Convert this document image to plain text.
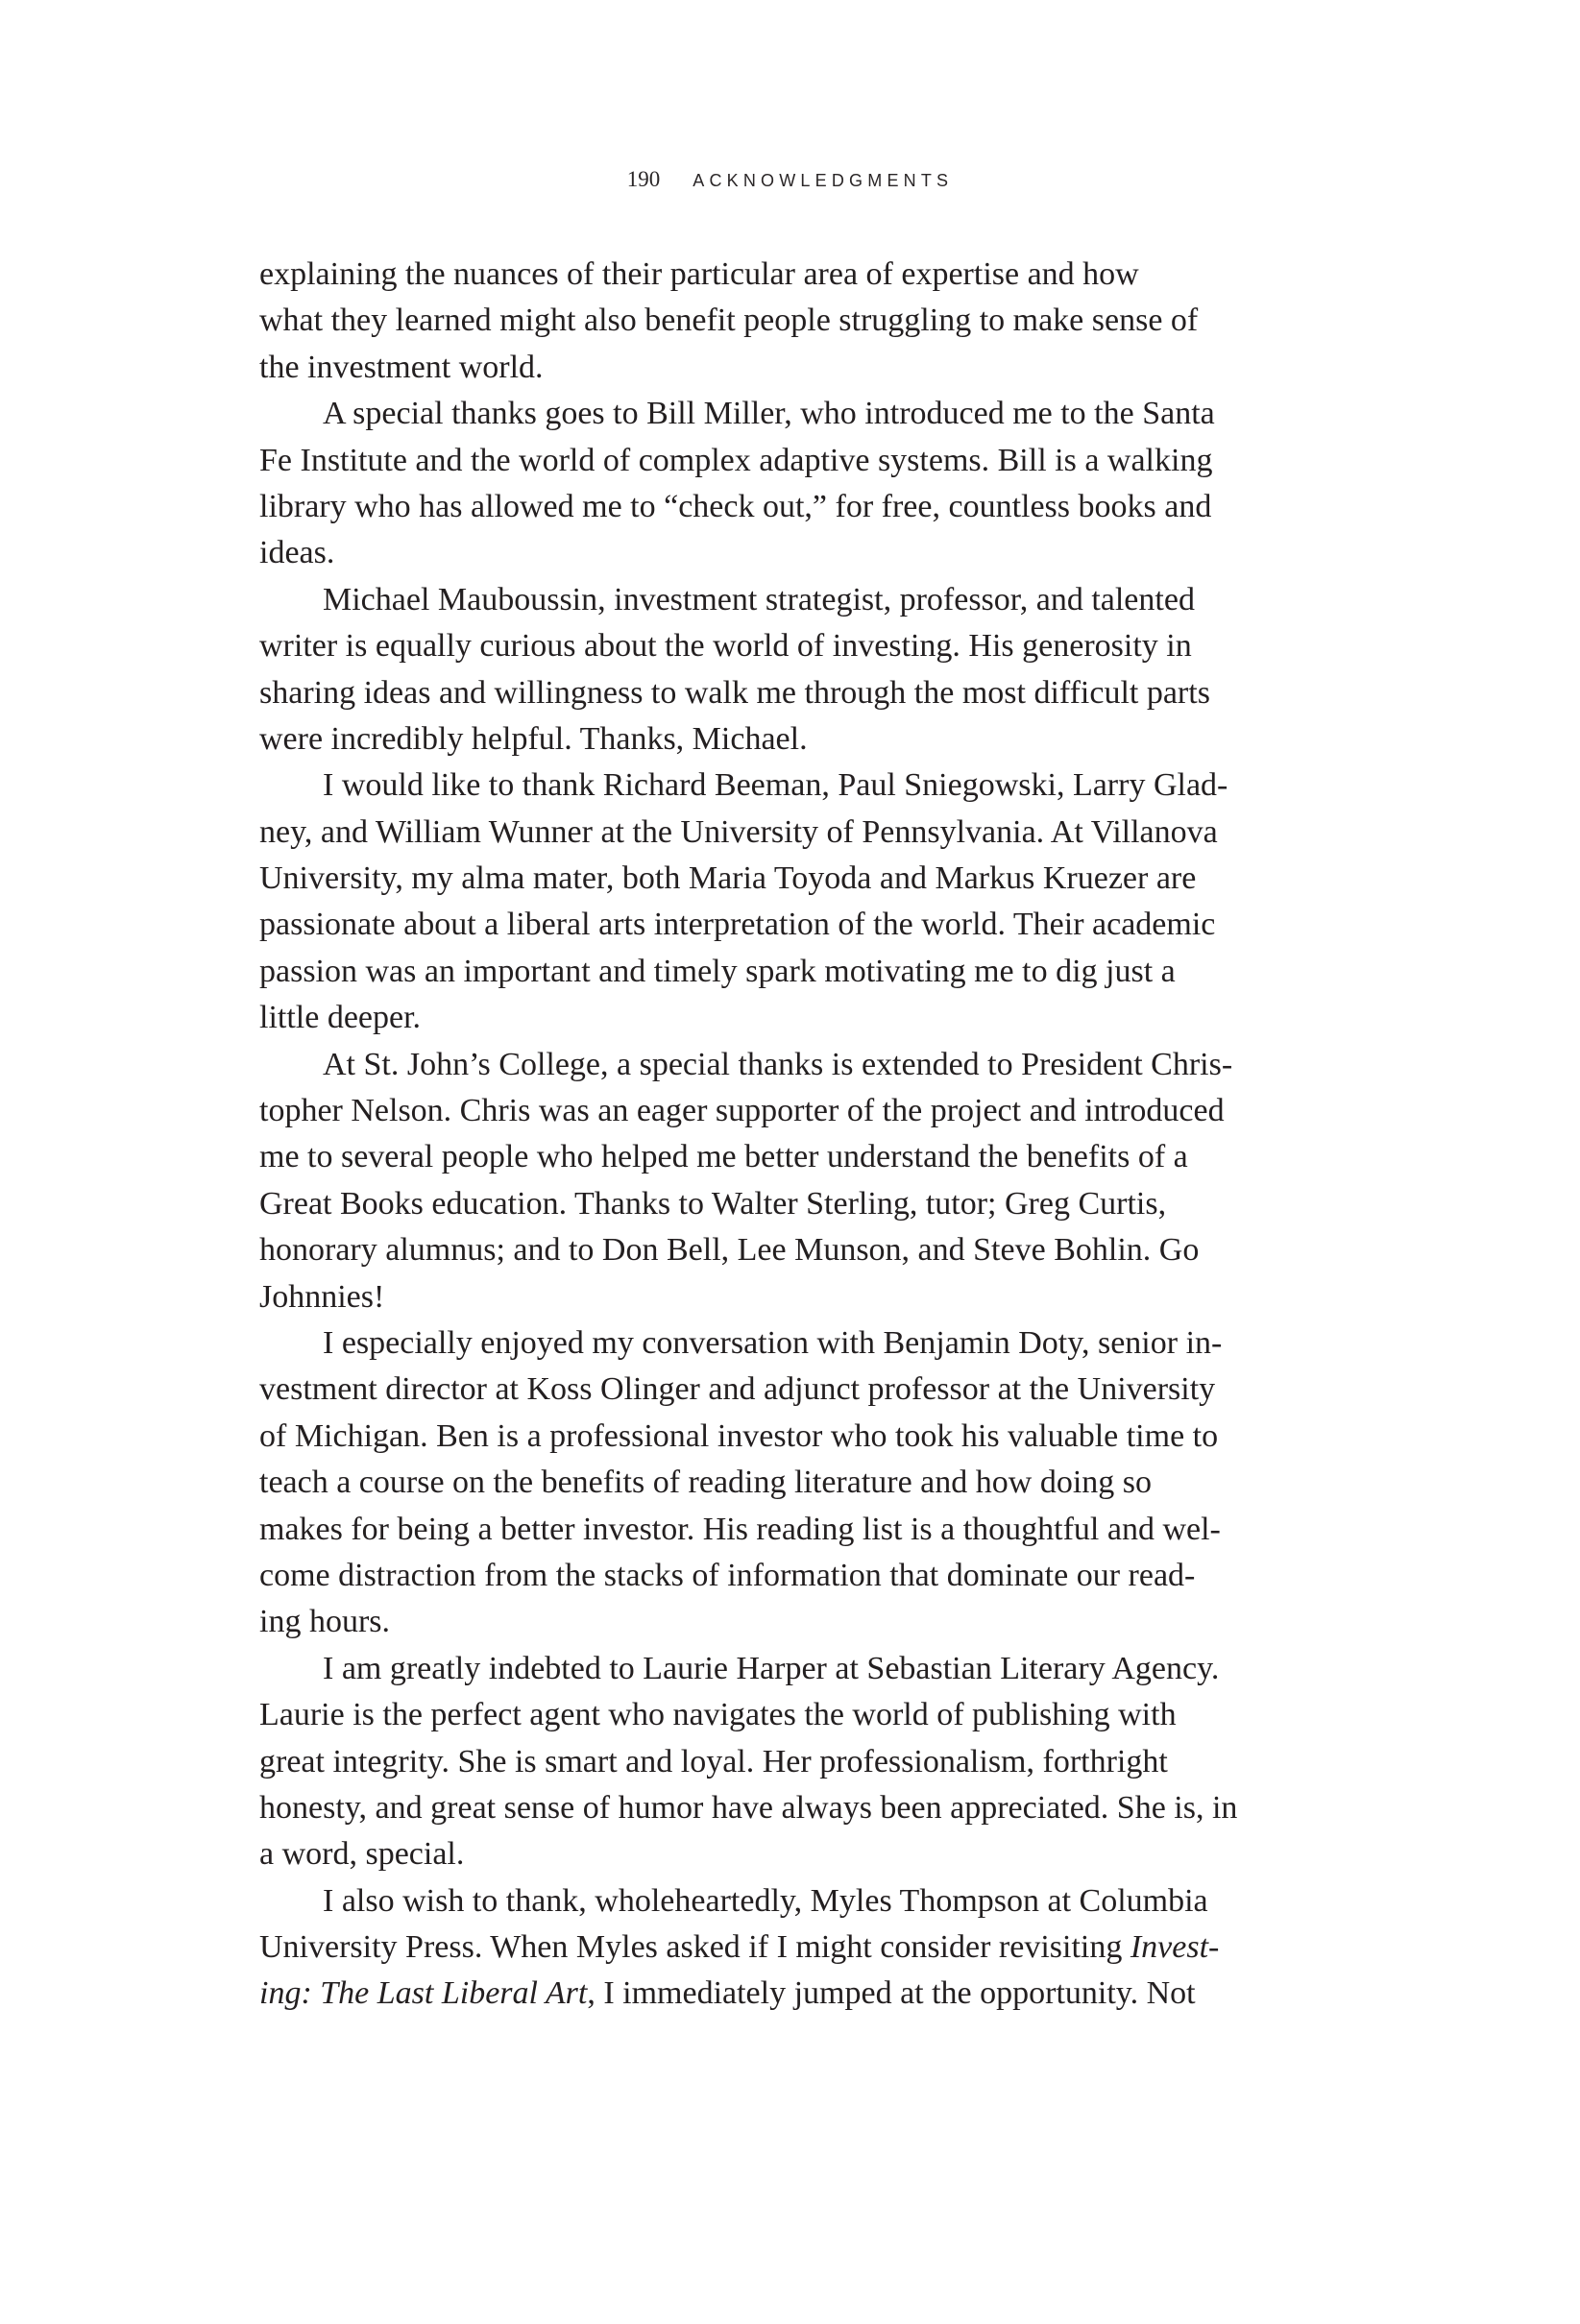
190 ACKNOWLEDGMENTS
explaining the nuances of their particular area of expertise and how
what they learned might also benefit people struggling to make sense of
the investment world.
A special thanks goes to Bill Miller, who introduced me to the Santa
Fe Institute and the world of complex adaptive systems. Bill is a walking
library who has allowed me to “check out,” for free, countless books and
ideas.
Michael Mauboussin, investment strategist, professor, and talented
writer is equally curious about the world of investing. His generosity in
sharing ideas and willingness to walk me through the most difficult parts
were incredibly helpful. Thanks, Michael.
I would like to thank Richard Beeman, Paul Sniegowski, Larry Glad-
ney, and William Wunner at the University of Pennsylvania. At Villanova
University, my alma mater, both Maria Toyoda and Markus Kruezer are
passionate about a liberal arts interpretation of the world. Their academic
passion was an important and timely spark motivating me to dig just a
little deeper.
At St. John’s College, a special thanks is extended to President Chris-
topher Nelson. Chris was an eager supporter of the project and introduced
me to several people who helped me better understand the benefits of a
Great Books education. Thanks to Walter Sterling, tutor; Greg Curtis,
honorary alumnus; and to Don Bell, Lee Munson, and Steve Bohlin. Go
Johnnies!
I especially enjoyed my conversation with Benjamin Doty, senior in-
vestment director at Koss Olinger and adjunct professor at the University
of Michigan. Ben is a professional investor who took his valuable time to
teach a course on the benefits of reading literature and how doing so
makes for being a better investor. His reading list is a thoughtful and wel-
come distraction from the stacks of information that dominate our read-
ing hours.
I am greatly indebted to Laurie Harper at Sebastian Literary Agency.
Laurie is the perfect agent who navigates the world of publishing with
great integrity. She is smart and loyal. Her professionalism, forthright
honesty, and great sense of humor have always been appreciated. She is, in
a word, special.
I also wish to thank, wholeheartedly, Myles Thompson at Columbia
University Press. When Myles asked if I might consider revisiting Invest-
ing: The Last Liberal Art, I immediately jumped at the opportunity. Not
